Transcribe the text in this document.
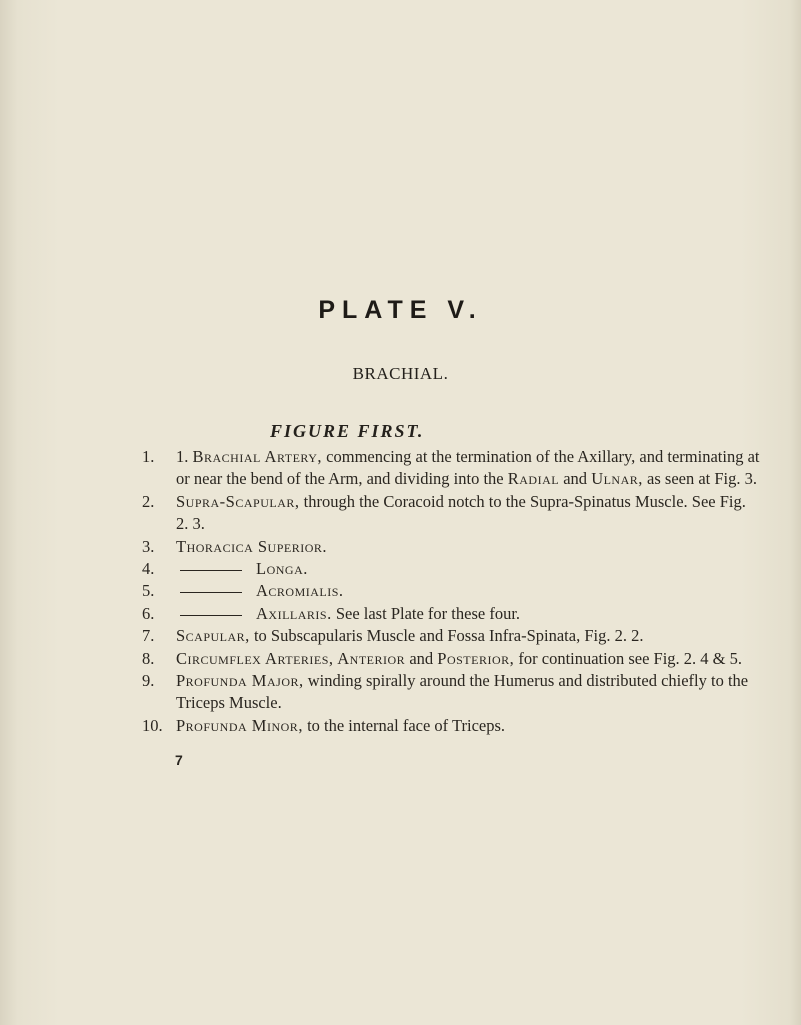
PLATE V.
BRACHIAL.
FIGURE FIRST.

1.	1. Brachial Artery, commencing at the termination of the Axillary, and terminating at or near the bend of the Arm, and dividing into the Radial and Ulnar, as seen at Fig. 3.

2.	Supra-Scapular, through the Coracoid notch to the Supra-Spinatus Muscle. See Fig. 2. 3.

3.	Thoracica Superior.

4.	Longa.

5.	Acromialis.

6.	Axillaris. See last Plate for these four.

7.	Scapular, to Subscapularis Muscle and Fossa Infra-Spinata, Fig. 2. 2.

8.	Circumflex Arteries, Anterior and Posterior, for continuation see Fig. 2. 4 & 5.

9.	Profunda Major, winding spirally around the Humerus and distributed chiefly to the Triceps Muscle.

10. Profunda Minor, to the internal face of Triceps.

7
